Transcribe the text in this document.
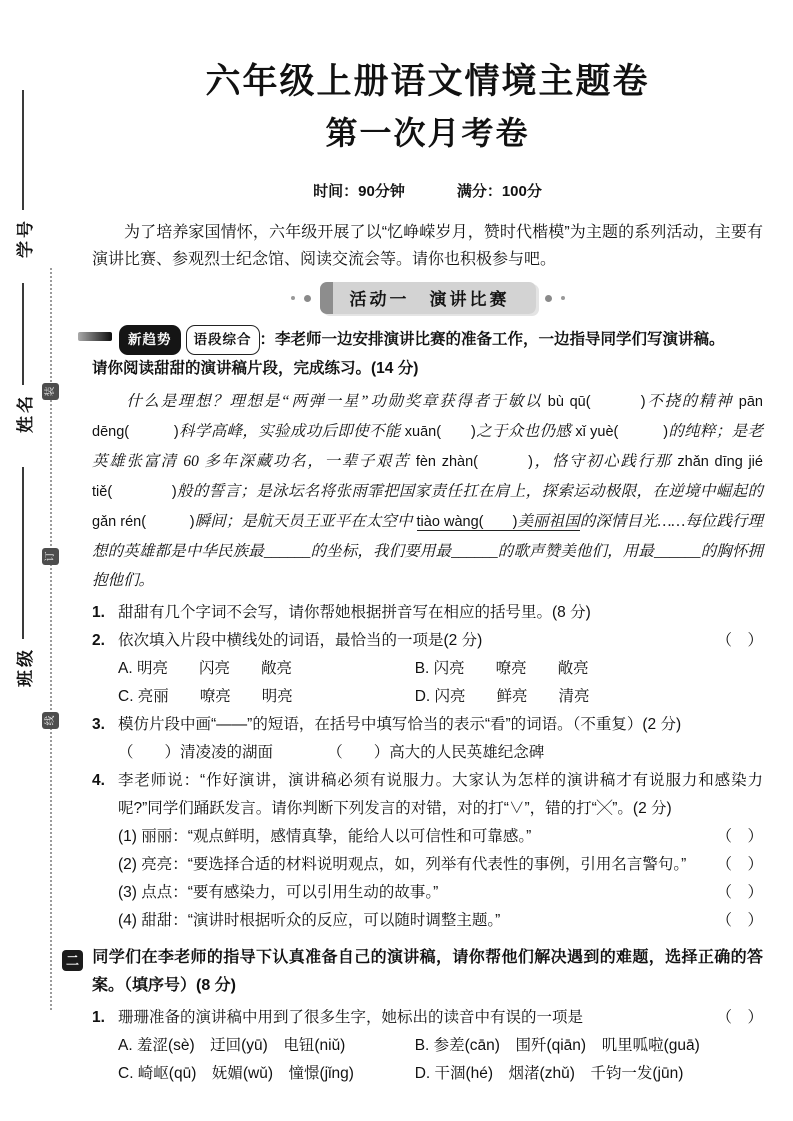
学号
姓名
班级
六年级上册语文情境主题卷
第一次月考卷
时间：90分钟	满分：100分
为了培养家国情怀，六年级开展了以“忆峥嵘岁月，赞时代楷模”为主题的系列活动，主要有演讲比赛、参观烈士纪念馆、阅读交流会等。请你也积极参与吧。
活动一　演讲比赛
新趋势 语段综合 ：李老师一边安排演讲比赛的准备工作，一边指导同学们写演讲稿。
请你阅读甜甜的演讲稿片段，完成练习。(14 分)
　　什么是理想？理想是“两弹一星”功勋奖章获得者于敏以 bù qū(　　　)不挠的精神 pān dēng(　　　)科学高峰，实验成功后即使不能 xuān(　　)之于众也仍感 xǐ yuè(　　　)的纯粹；是老英雄张富清 60 多年深藏功名，一辈子艰苦 fèn zhàn(　　　)，恪守初心践行那 zhǎn dīng jié tiě(　　　　)般的誓言；是泳坛名将张雨霏把国家责任扛在肩上，探索运动极限，在逆境中崛起的 gǎn rén(　　　)瞬间；是航天员王亚平在太空中 tiào wàng(　　)美丽祖国的深情目光……每位践行理想的英雄都是中华民族最______的坐标，我们要用最______的歌声赞美他们，用最______的胸怀拥抱他们。
1. 甜甜有几个字词不会写，请你帮她根据拼音写在相应的括号里。(8 分)
2. 依次填入片段中横线处的词语，最恰当的一项是(2 分)	（　）
A. 明亮　　闪亮　　敞亮	B. 闪亮　　嘹亮　　敞亮
C. 亮丽　　嘹亮　　明亮	D. 闪亮　　鲜亮　　清亮
3. 模仿片段中画“——”的短语，在括号中填写恰当的表示“看”的词语。（不重复）(2 分)
（　　）清凌凌的湖面　　　　（　　）高大的人民英雄纪念碑
4. 李老师说：“作好演讲，演讲稿必须有说服力。大家认为怎样的演讲稿才有说服力和感染力呢?”同学们踊跃发言。请你判断下列发言的对错，对的打“∨”，错的打“╳”。(2 分)
(1) 丽丽：“观点鲜明，感情真挚，能给人以可信性和可靠感。”	（　）
(2) 亮亮：“要选择合适的材料说明观点，如，列举有代表性的事例，引用名言警句。”	（　）
(3) 点点：“要有感染力，可以引用生动的故事。”	（　）
(4) 甜甜：“演讲时根据听众的反应，可以随时调整主题。”	（　）
二 同学们在李老师的指导下认真准备自己的演讲稿，请你帮他们解决遇到的难题，选择正确的答案。（填序号）(8 分)
1. 珊珊准备的演讲稿中用到了很多生字，她标出的读音中有误的一项是	（　）
A. 羞涩(sè)　迂回(yū)　电钮(niǔ)	B. 参差(cān)　围歼(qiān)　叽里呱啦(guā)
C. 崎岖(qū)　妩媚(wǔ)　憧憬(jǐng)	D. 干涸(hé)　烟渚(zhǔ)　千钧一发(jūn)
装
订
线
